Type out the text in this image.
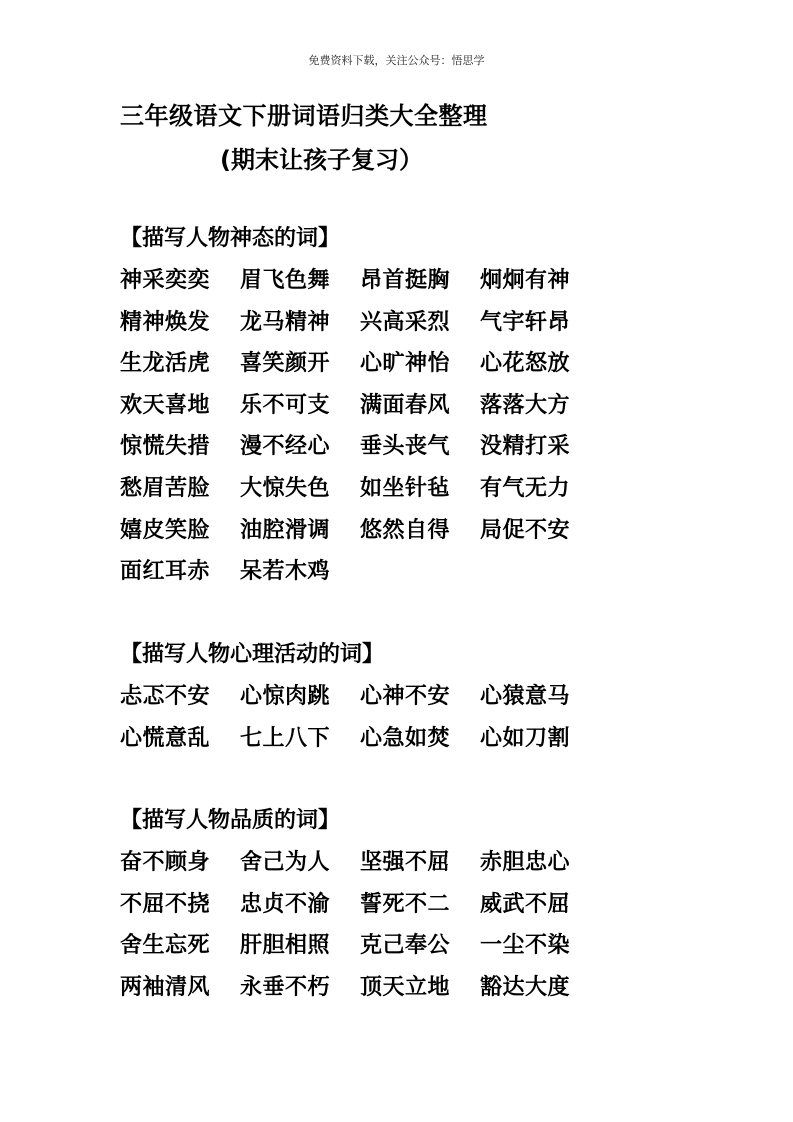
免费资料下载，关注公众号：悟思学
三年级语文下册词语归类大全整理
(期末让孩子复习）
【描写人物神态的词】
神采奕奕	眉飞色舞	昂首挺胸	炯炯有神
精神焕发	龙马精神	兴高采烈	气宇轩昂
生龙活虎	喜笑颜开	心旷神怡	心花怒放
欢天喜地	乐不可支	满面春风	落落大方
惊慌失措	漫不经心	垂头丧气	没精打采
愁眉苦脸	大惊失色	如坐针毡	有气无力
嬉皮笑脸	油腔滑调	悠然自得	局促不安
面红耳赤	呆若木鸡
【描写人物心理活动的词】
忐忑不安	心惊肉跳	心神不安	心猿意马
心慌意乱	七上八下	心急如焚	心如刀割
【描写人物品质的词】
奋不顾身	舍己为人	坚强不屈	赤胆忠心
不屈不挠	忠贞不渝	誓死不二	威武不屈
舍生忘死	肝胆相照	克己奉公	一尘不染
两袖清风	永垂不朽	顶天立地	豁达大度
